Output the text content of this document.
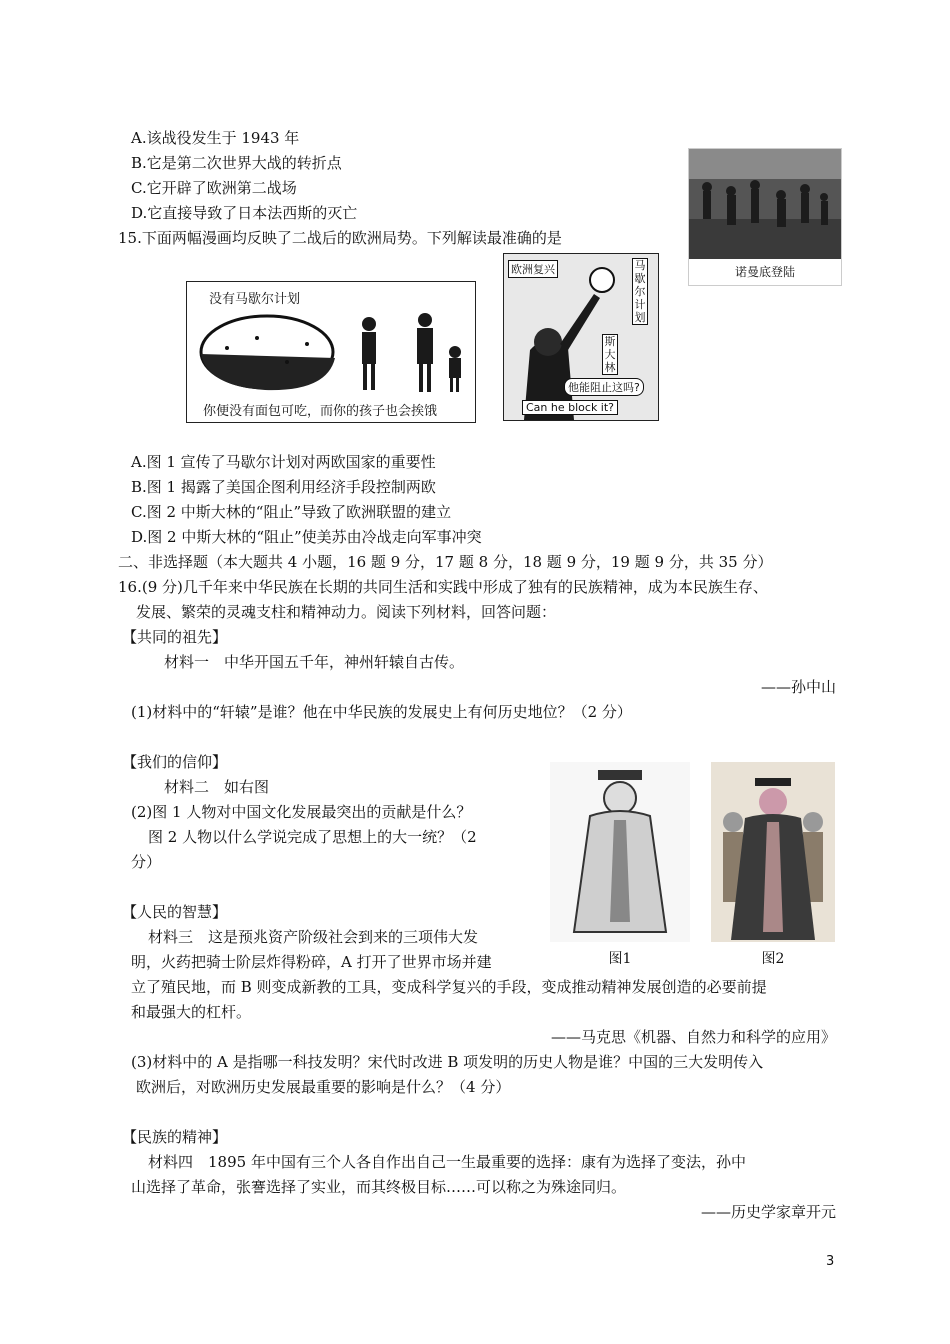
A.该战役发生于 1943 年
B.它是第二次世界大战的转折点
C.它开辟了欧洲第二战场
D.它直接导致了日本法西斯的灭亡
诺曼底登陆
15.下面两幅漫画均反映了二战后的欧洲局势。下列解读最准确的是
没有马歇尔计划
你便没有面包可吃，而你的孩子也会挨饿
欧洲复兴	马歇尔计划
斯大林
他能阻止这吗?
Can he block it?
A.图 1 宣传了马歇尔计划对两欧国家的重要性
B.图 1 揭露了美国企图利用经济手段控制两欧
C.图 2 中斯大林的“阻止”导致了欧洲联盟的建立
D.图 2 中斯大林的“阻止”使美苏由冷战走向军事冲突
二、非选择题（本大题共 4 小题，16 题 9 分，17 题 8 分，18 题 9 分，19 题 9 分，共 35 分）
16.(9 分)几千年来中华民族在长期的共同生活和实践中形成了独有的民族精神，成为本民族生存、
发展、繁荣的灵魂支柱和精神动力。阅读下列材料，回答问题：
【共同的祖先】
材料一　中华开国五千年，神州轩辕自古传。
——孙中山
(1)材料中的“轩辕”是谁？他在中华民族的发展史上有何历史地位？（2 分）
【我们的信仰】
材料二　如右图
(2)图 1 人物对中国文化发展最突出的贡献是什么？
图 2 人物以什么学说完成了思想上的大一统？（2
分）
图1	图2
【人民的智慧】
材料三　这是预兆资产阶级社会到来的三项伟大发
明，火药把骑士阶层炸得粉碎，A 打开了世界市场并建
立了殖民地，而 B 则变成新教的工具，变成科学复兴的手段，变成推动精神发展创造的必要前提
和最强大的杠杆。
——马克思《机器、自然力和科学的应用》
(3)材料中的 A 是指哪一科技发明？宋代时改进 B 项发明的历史人物是谁？中国的三大发明传入
欧洲后，对欧洲历史发展最重要的影响是什么？（4 分）
【民族的精神】
材料四　1895 年中国有三个人各自作出自己一生最重要的选择：康有为选择了变法，孙中
山选择了革命，张謇选择了实业，而其终极目标……可以称之为殊途同归。
——历史学家章开元
3
